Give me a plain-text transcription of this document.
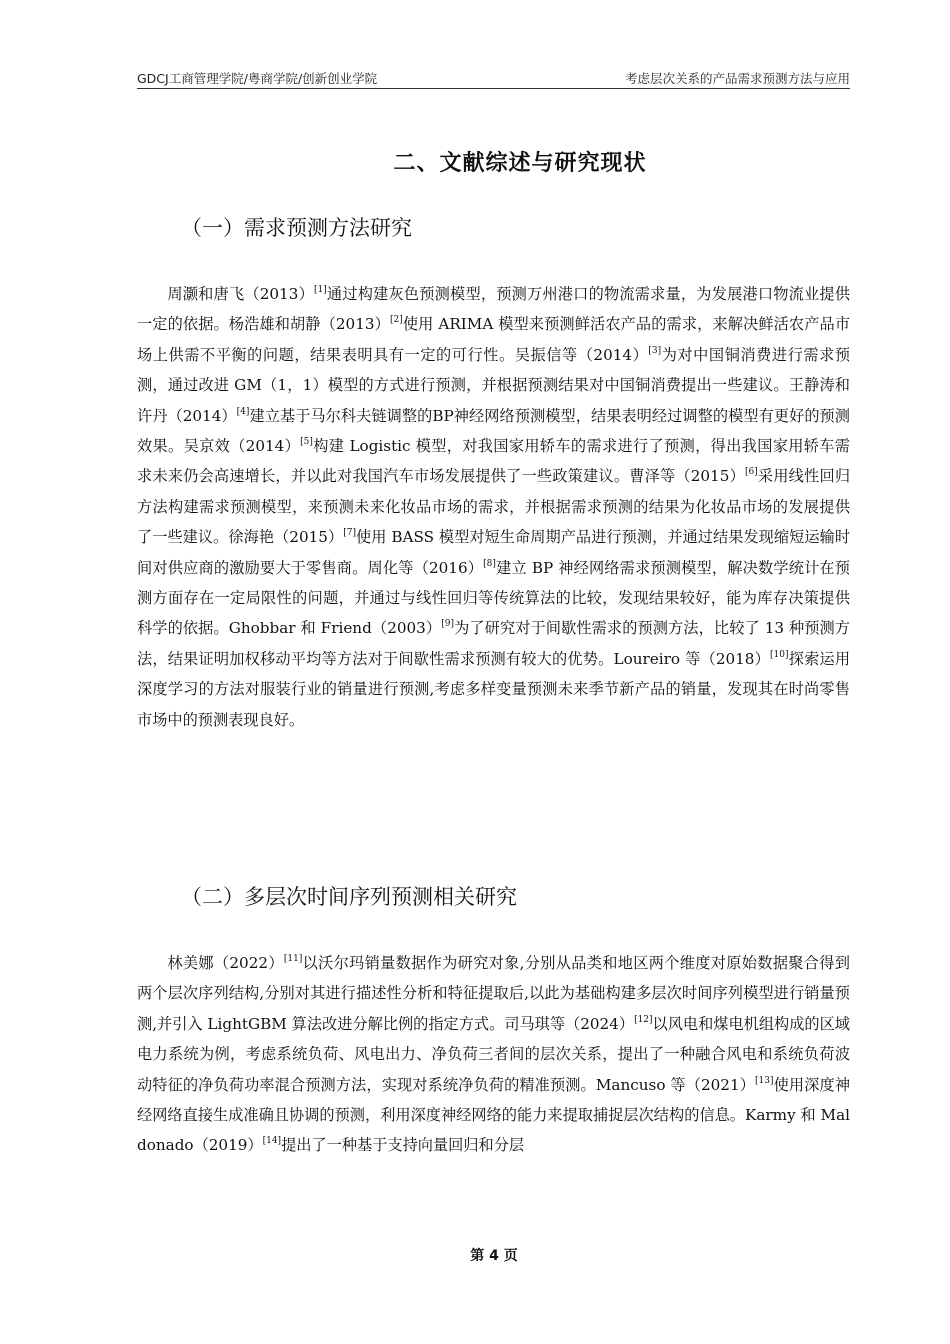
GDCJ工商管理学院/粤商学院/创新创业学院	考虑层次关系的产品需求预测方法与应用
二、文献综述与研究现状
（一）需求预测方法研究

周灏和唐飞（2013）[1]通过构建灰色预测模型，预测万州港口的物流需求量，为发展港口物流业提供一定的依据。杨浩雄和胡静（2013）[2]使用 ARIMA 模型来预测鲜活农产品的需求，来解决鲜活农产品市场上供需不平衡的问题，结果表明具有一定的可行性。吴振信等（2014）[3]为对中国铜消费进行需求预测，通过改进 GM（1，1）模型的方式进行预测，并根据预测结果对中国铜消费提出一些建议。王静涛和许丹（2014）[4]建立基于马尔科夫链调整的BP神经网络预测模型，结果表明经过调整的模型有更好的预测效果。吴京效（2014）[5]构建 Logistic 模型，对我国家用轿车的需求进行了预测，得出我国家用轿车需求未来仍会高速增长，并以此对我国汽车市场发展提供了一些政策建议。曹泽等（2015）[6]采用线性回归方法构建需求预测模型，来预测未来化妆品市场的需求，并根据需求预测的结果为化妆品市场的发展提供了一些建议。徐海艳（2015）[7]使用 BASS 模型对短生命周期产品进行预测，并通过结果发现缩短运输时间对供应商的激励要大于零售商。周化等（2016）[8]建立 BP 神经网络需求预测模型，解决数学统计在预测方面存在一定局限性的问题，并通过与线性回归等传统算法的比较，发现结果较好，能为库存决策提供科学的依据。Ghobbar 和 Friend（2003）[9]为了研究对于间歇性需求的预测方法，比较了 13 种预测方法，结果证明加权移动平均等方法对于间歇性需求预测有较大的优势。Loureiro 等（2018）[10]探索运用深度学习的方法对服装行业的销量进行预测,考虑多样变量预测未来季节新产品的销量，发现其在时尚零售市场中的预测表现良好。

（二）多层次时间序列预测相关研究

林美娜（2022）[11]以沃尔玛销量数据作为研究对象,分别从品类和地区两个维度对原始数据聚合得到两个层次序列结构,分别对其进行描述性分析和特征提取后,以此为基础构建多层次时间序列模型进行销量预测,并引入 LightGBM 算法改进分解比例的指定方式。司马琪等（2024）[12]以风电和煤电机组构成的区域电力系统为例，考虑系统负荷、风电出力、净负荷三者间的层次关系，提出了一种融合风电和系统负荷波动特征的净负荷功率混合预测方法，实现对系统净负荷的精准预测。Mancuso 等（2021）[13]使用深度神经网络直接生成准确且协调的预测，利用深度神经网络的能力来提取捕捉层次结构的信息。Karmy 和 Maldonado（2019）[14]提出了一种基于支持向量回归和分层

第 4 页
